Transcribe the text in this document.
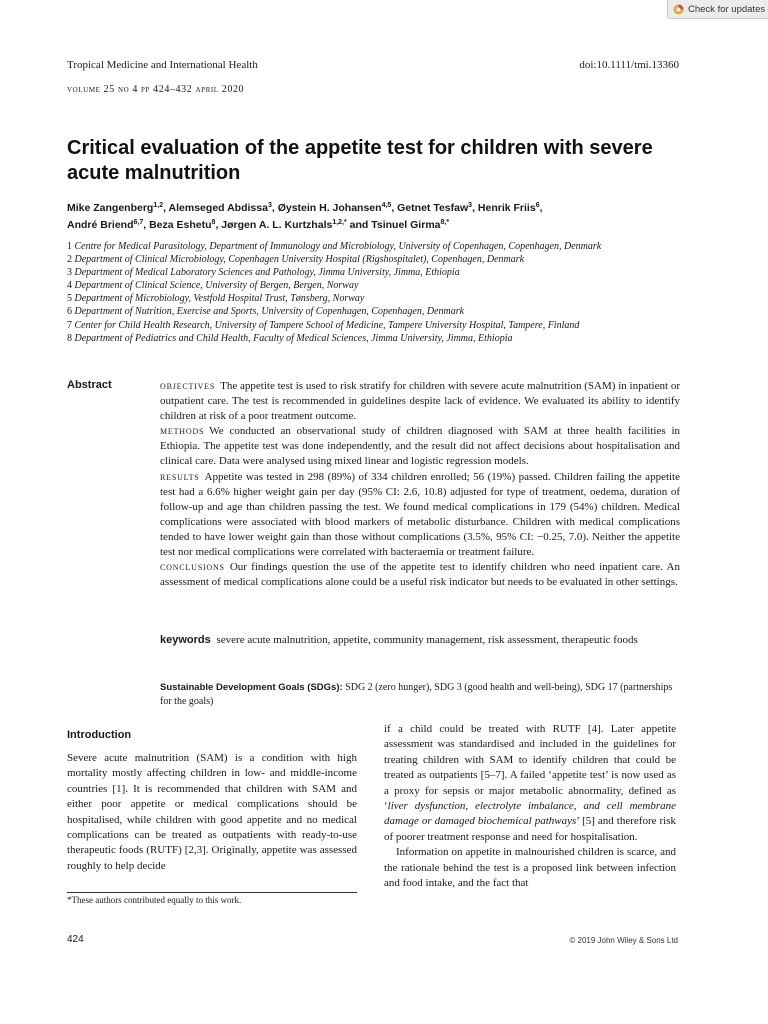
Check for updates
Tropical Medicine and International Health	doi:10.1111/tmi.13360
volume 25 no 4 pp 424–432 april 2020
Critical evaluation of the appetite test for children with severe acute malnutrition
Mike Zangenberg$^{1,2}$, Alemseged Abdissa$^3$, Øystein H. Johansen$^{4,5}$, Getnet Tesfaw$^3$, Henrik Friis$^6$,
André Briend$^{6,7}$, Beza Eshetu$^8$, Jørgen A. L. Kurtzhals$^{1,2,*}$ and Tsinuel Girma$^{8,*}$
1 Centre for Medical Parasitology, Department of Immunology and Microbiology, University of Copenhagen, Copenhagen, Denmark
2 Department of Clinical Microbiology, Copenhagen University Hospital (Rigshospitalet), Copenhagen, Denmark
3 Department of Medical Laboratory Sciences and Pathology, Jimma University, Jimma, Ethiopia
4 Department of Clinical Science, University of Bergen, Bergen, Norway
5 Department of Microbiology, Vestfold Hospital Trust, Tønsberg, Norway
6 Department of Nutrition, Exercise and Sports, University of Copenhagen, Copenhagen, Denmark
7 Center for Child Health Research, University of Tampere School of Medicine, Tampere University Hospital, Tampere, Finland
8 Department of Pediatrics and Child Health, Faculty of Medical Sciences, Jimma University, Jimma, Ethiopia
Abstract	objectives The appetite test is used to risk stratify for children with severe acute malnutrition (SAM) in inpatient or outpatient care. The test is recommended in guidelines despite lack of evidence. We evaluated its ability to identify children at risk of a poor treatment outcome.

methods We conducted an observational study of children diagnosed with SAM at three health facilities in Ethiopia. The appetite test was done independently, and the result did not affect decisions about hospitalisation and clinical care. Data were analysed using mixed linear and logistic regression models.

results Appetite was tested in 298 (89%) of 334 children enrolled; 56 (19%) passed. Children failing the appetite test had a 6.6% higher weight gain per day (95% CI: 2.6, 10.8) adjusted for type of treatment, oedema, duration of follow-up and age than children passing the test. We found medical complications in 179 (54%) children. Medical complications were associated with blood markers of metabolic disturbance. Children with medical complications tended to have lower weight gain than those without complications (3.5%, 95% CI: −0.25, 7.0). Neither the appetite test nor medical complications were correlated with bacteraemia or treatment failure.

conclusions Our findings question the use of the appetite test to identify children who need inpatient care. An assessment of medical complications alone could be a useful risk indicator but needs to be evaluated in other settings.

keywords severe acute malnutrition, appetite, community management, risk assessment, therapeutic foods
Sustainable Development Goals (SDGs): SDG 2 (zero hunger), SDG 3 (good health and well-being), SDG 17 (partnerships for the goals)
Introduction

Severe acute malnutrition (SAM) is a condition with high mortality mostly affecting children in low- and middle-income countries [1]. It is recommended that children with SAM and either poor appetite or medical complications should be hospitalised, while children with good appetite and no medical complications can be treated as outpatients with ready-to-use therapeutic foods (RUTF) [2,3]. Originally, appetite was assessed roughly to help decide

if a child could be treated with RUTF [4]. Later appetite assessment was standardised and included in the guidelines for treating children with SAM to identify children that could be treated as outpatients [5–7]. A failed ‘appetite test’ is now used as a proxy for sepsis or major metabolic abnormality, defined as ‘liver dysfunction, electrolyte imbalance, and cell membrane damage or damaged biochemical pathways’ [5] and therefore risk of poorer treatment response and need for hospitalisation.

Information on appetite in malnourished children is scarce, and the rationale behind the test is a proposed link between infection and food intake, and the fact that

*These authors contributed equally to this work.
424	© 2019 John Wiley & Sons Ltd
